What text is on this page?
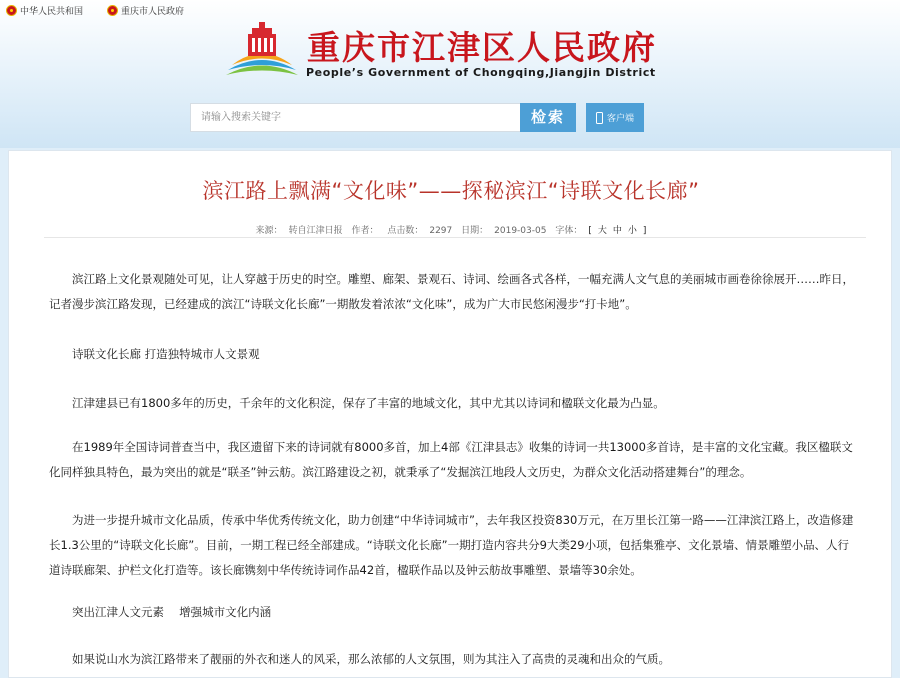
中华人民共和国	重庆市人民政府
重庆市江津区人民政府
People’s Government of Chongqing,Jiangjin District
请输入搜索关键字	检索	客户端
滨江路上飘满“文化味”——探秘滨江“诗联文化长廊”
来源： 转自江津日报 作者： 点击数： 2297 日期： 2019-03-05 字体： [ 大 中 小 ]
滨江路上文化景观随处可见，让人穿越于历史的时空。雕塑、廊架、景观石、诗词、绘画各式各样，一幅充满人文气息的美丽城市画卷徐徐展开……昨日，记者漫步滨江路发现，已经建成的滨江“诗联文化长廊”一期散发着浓浓“文化味”，成为广大市民悠闲漫步“打卡地”。
诗联文化长廊 打造独特城市人文景观
江津建县已有1800多年的历史，千余年的文化积淀，保存了丰富的地域文化，其中尤其以诗词和楹联文化最为凸显。
在1989年全国诗词普查当中，我区遗留下来的诗词就有8000多首，加上4部《江津县志》收集的诗词一共13000多首诗，是丰富的文化宝藏。我区楹联文化同样独具特色，最为突出的就是“联圣”钟云舫。滨江路建设之初，就秉承了“发掘滨江地段人文历史，为群众文化活动搭建舞台”的理念。
为进一步提升城市文化品质，传承中华优秀传统文化，助力创建“中华诗词城市”，去年我区投资830万元，在万里长江第一路——江津滨江路上，改造修建长1.3公里的“诗联文化长廊”。目前，一期工程已经全部建成。“诗联文化长廊”一期打造内容共分9大类29小项，包括集雅亭、文化景墙、情景雕塑小品、人行道诗联廊架、护栏文化打造等。该长廊镌刻中华传统诗词作品42首，楹联作品以及钟云舫故事雕塑、景墙等30余处。
突出江津人文元素　 增强城市文化内涵
如果说山水为滨江路带来了靓丽的外衣和迷人的风采，那么浓郁的人文氛围，则为其注入了高贵的灵魂和出众的气质。
